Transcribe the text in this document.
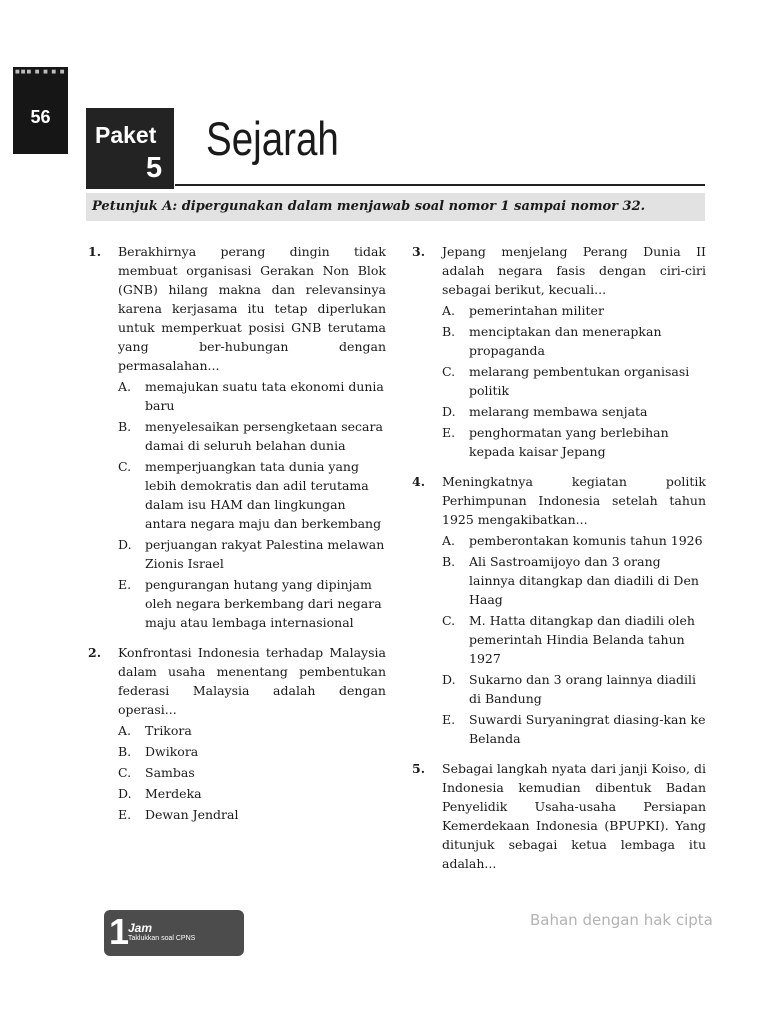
■■■ ■ ■ ■ ■
56
Paket
5
Sejarah
Petunjuk A: dipergunakan dalam menjawab soal nomor 1 sampai nomor 32.
1. Berakhirnya perang dingin tidak membuat organisasi Gerakan Non Blok (GNB) hilang makna dan relevansinya karena kerjasama itu tetap diperlukan untuk memperkuat posisi GNB terutama yang ber-hubungan dengan permasalahan...
A. memajukan suatu tata ekonomi dunia baru
B. menyelesaikan persengketaan secara damai di seluruh belahan dunia
C. memperjuangkan tata dunia yang lebih demokratis dan adil terutama dalam isu HAM dan lingkungan antara negara maju dan berkembang
D. perjuangan rakyat Palestina melawan Zionis Israel
E. pengurangan hutang yang dipinjam oleh negara berkembang dari negara maju atau lembaga internasional
2. Konfrontasi Indonesia terhadap Malaysia dalam usaha menentang pembentukan federasi Malaysia adalah dengan operasi...
A. Trikora
B. Dwikora
C. Sambas
D. Merdeka
E. Dewan Jendral
3. Jepang menjelang Perang Dunia II adalah negara fasis dengan ciri-ciri sebagai berikut, kecuali...
A. pemerintahan militer
B. menciptakan dan menerapkan propaganda
C. melarang pembentukan organisasi politik
D. melarang membawa senjata
E. penghormatan yang berlebihan kepada kaisar Jepang
4. Meningkatnya kegiatan politik Perhimpunan Indonesia setelah tahun 1925 mengakibatkan...
A. pemberontakan komunis tahun 1926
B. Ali Sastroamijoyo dan 3 orang lainnya ditangkap dan diadili di Den Haag
C. M. Hatta ditangkap dan diadili oleh pemerintah Hindia Belanda tahun 1927
D. Sukarno dan 3 orang lainnya diadili di Bandung
E. Suwardi Suryaningrat diasing-kan ke Belanda
5. Sebagai langkah nyata dari janji Koiso, di Indonesia kemudian dibentuk Badan Penyelidik Usaha-usaha Persiapan Kemerdekaan Indonesia (BPUPKI). Yang ditunjuk sebagai ketua lembaga itu adalah...
1
Jam
Taklukkan soal CPNS
Bahan dengan hak cipta
